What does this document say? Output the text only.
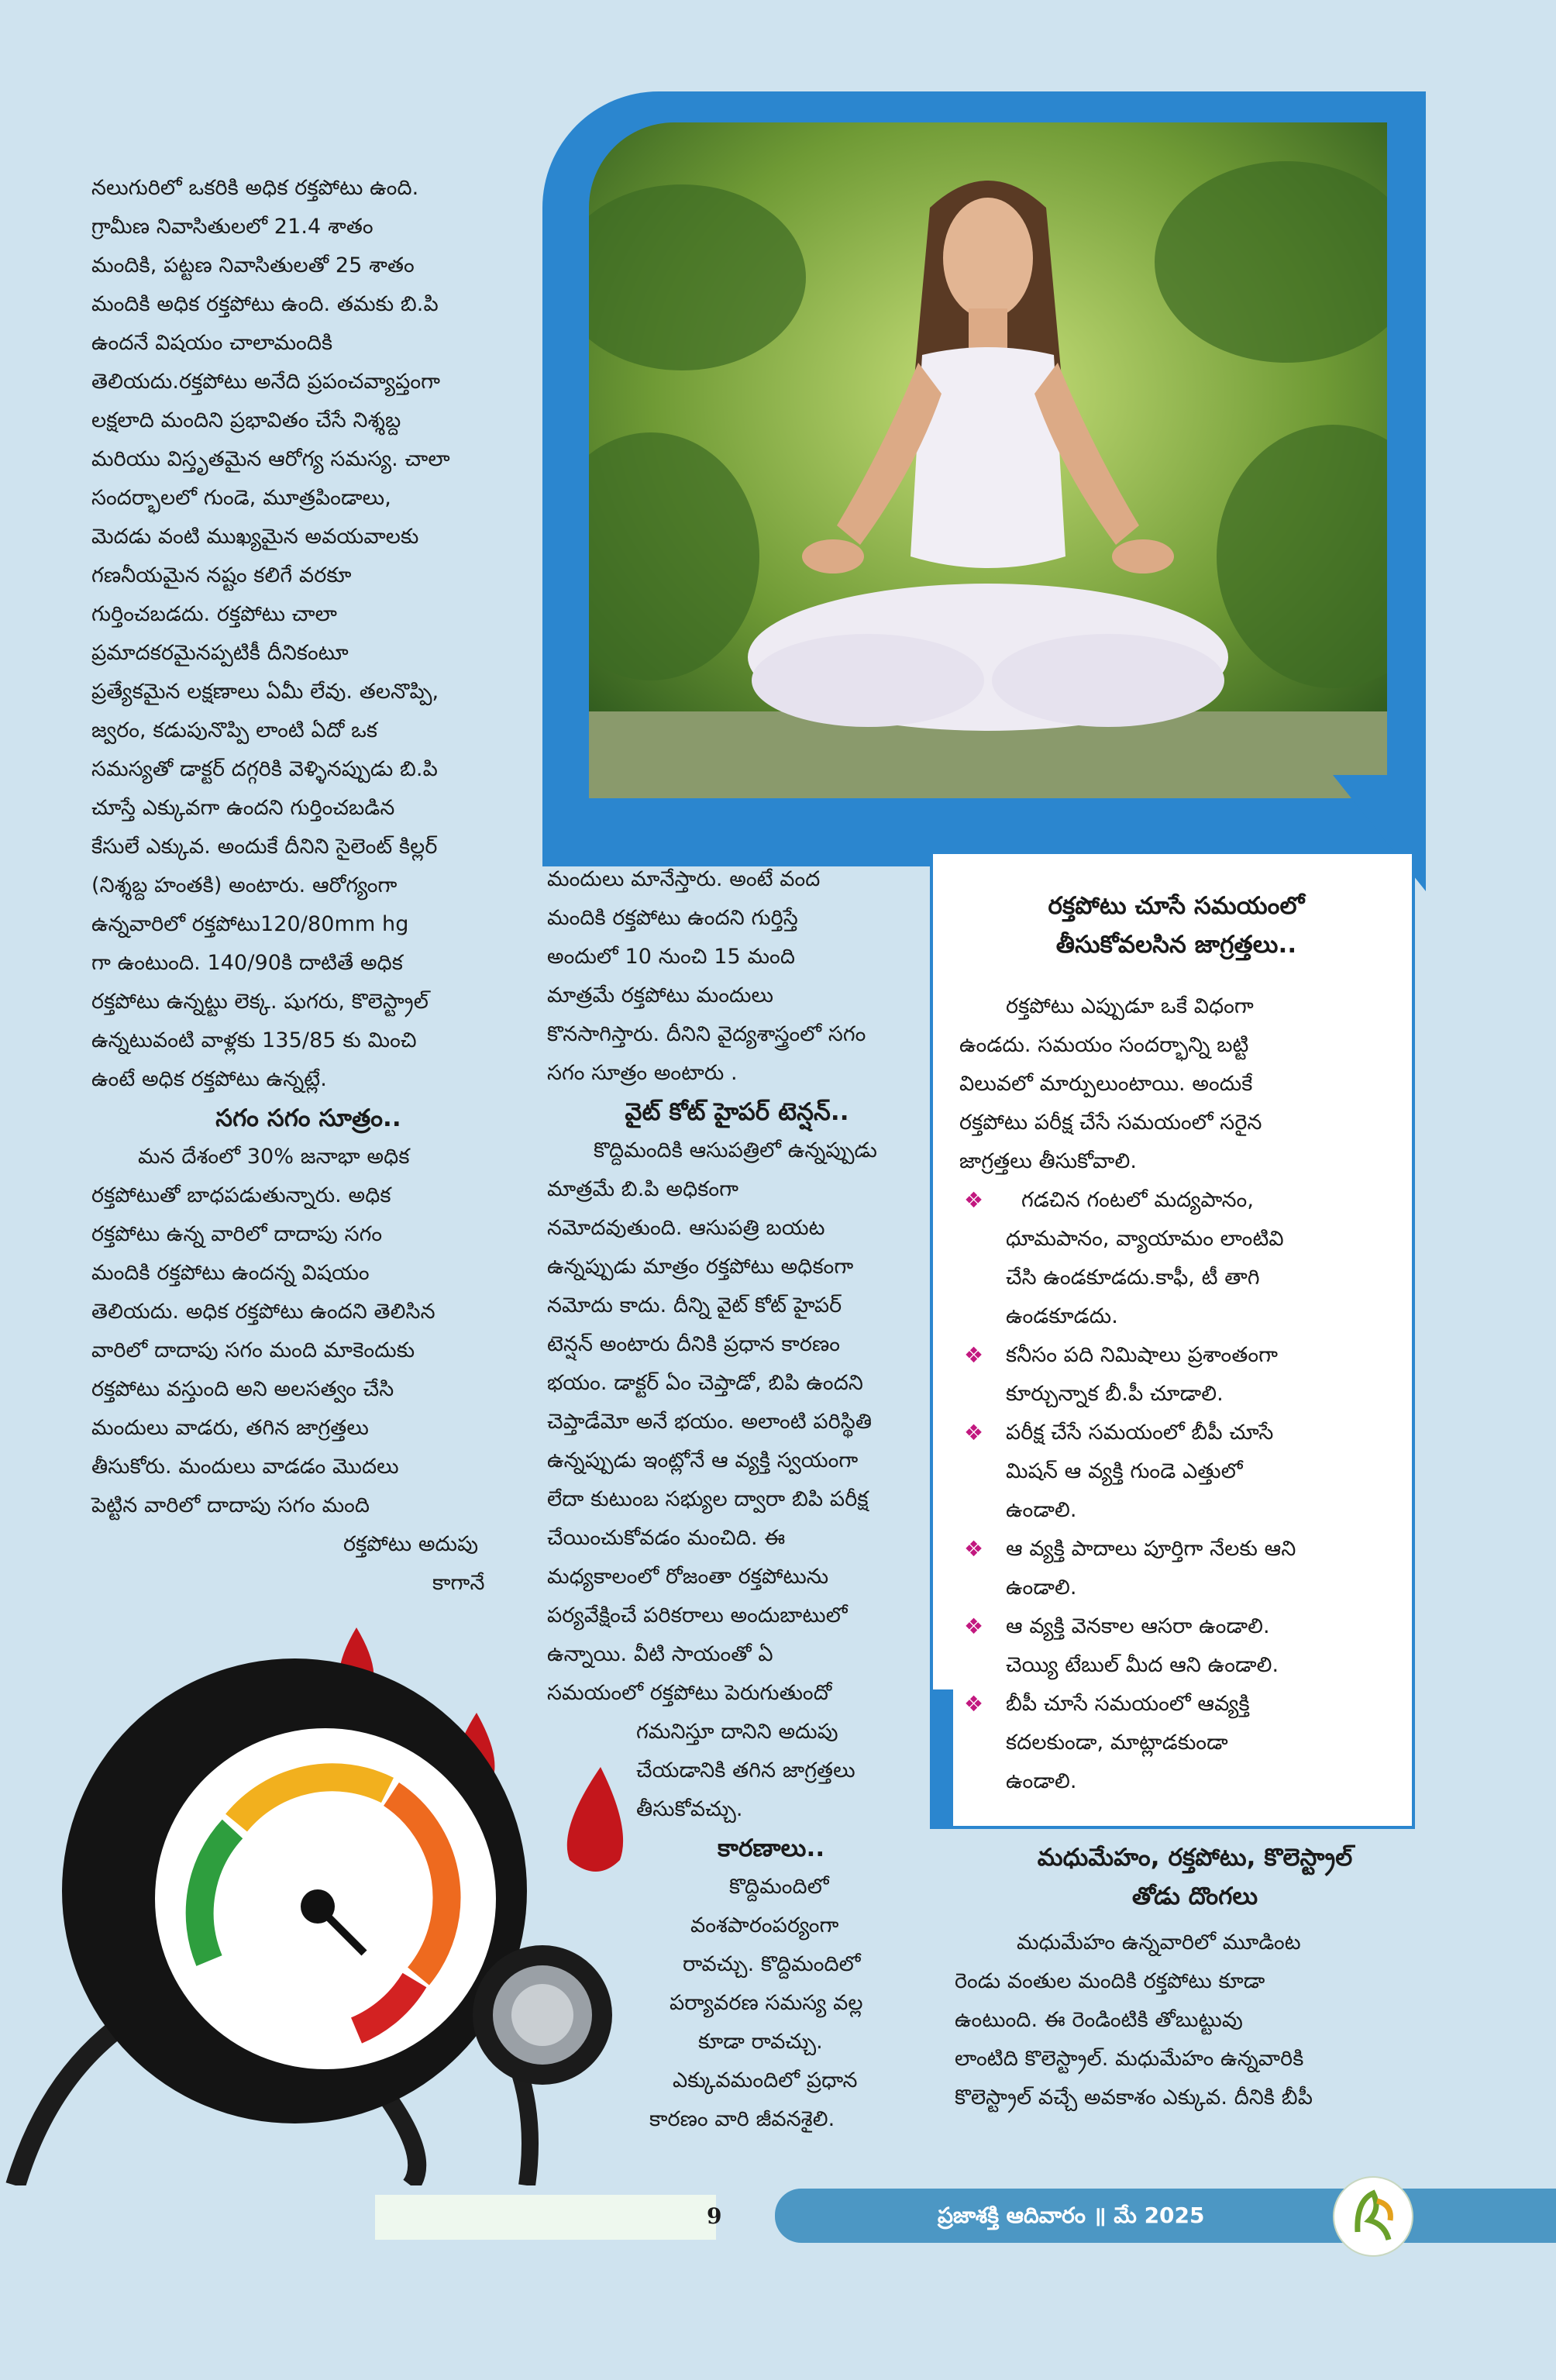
నలుగురిలో ఒకరికి అధిక రక్తపోటు ఉంది.
గ్రామీణ నివాసితులలో 21.4 శాతం
మందికి, పట్టణ నివాసితులతో 25 శాతం
మందికి అధిక రక్తపోటు ఉంది. తమకు బి.పి
ఉందనే విషయం చాలామందికి
తెలియదు.రక్తపోటు అనేది ప్రపంచవ్యాప్తంగా
లక్షలాది మందిని ప్రభావితం చేసే నిశ్శబ్ద
మరియు విస్తృతమైన ఆరోగ్య సమస్య. చాలా
సందర్భాలలో గుండె, మూత్రపిండాలు,
మెదడు వంటి ముఖ్యమైన అవయవాలకు
గణనీయమైన నష్టం కలిగే వరకూ
గుర్తించబడదు. రక్తపోటు చాలా
ప్రమాదకరమైనప్పటికీ దీనికంటూ
ప్రత్యేకమైన లక్షణాలు ఏమీ లేవు. తలనొప్పి,
జ్వరం, కడుపునొప్పి లాంటి ఏదో ఒక
సమస్యతో డాక్టర్ దగ్గరికి వెళ్ళినప్పుడు బి.పి
చూస్తే ఎక్కువగా ఉందని గుర్తించబడిన
కేసులే ఎక్కువ. అందుకే దీనిని సైలెంట్ కిల్లర్
(నిశ్శబ్ద హంతకి) అంటారు. ఆరోగ్యంగా
ఉన్నవారిలో రక్తపోటు120/80mm hg
గా ఉంటుంది. 140/90కి దాటితే అధిక
రక్తపోటు ఉన్నట్టు లెక్క. షుగరు, కొలెస్ట్రాల్
ఉన్నటువంటి వాళ్లకు 135/85 కు మించి
ఉంటే అధిక రక్తపోటు ఉన్నట్లే.

సగం సగం సూత్రం..

మన దేశంలో 30% జనాభా అధిక
రక్తపోటుతో బాధపడుతున్నారు. అధిక
రక్తపోటు ఉన్న వారిలో దాదాపు సగం
మందికి రక్తపోటు ఉందన్న విషయం
తెలియదు. అధిక రక్తపోటు ఉందని తెలిసిన
వారిలో దాదాపు సగం మంది మాకెందుకు
రక్తపోటు వస్తుంది అని అలసత్వం చేసి
మందులు వాడరు, తగిన జాగ్రత్తలు
తీసుకోరు. మందులు వాడడం మొదలు
పెట్టిన వారిలో దాదాపు సగం మంది
రక్తపోటు అదుపు
కాగానే

మందులు మానేస్తారు. అంటే వంద
మందికి రక్తపోటు ఉందని గుర్తిస్తే
అందులో 10 నుంచి 15 మంది
మాత్రమే రక్తపోటు మందులు
కొనసాగిస్తారు. దీనిని వైద్యశాస్త్రంలో సగం
సగం సూత్రం అంటారు .

వైట్ కోట్ హైపర్ టెన్షన్..

కొద్దిమందికి ఆసుపత్రిలో ఉన్నప్పుడు
మాత్రమే బి.పి అధికంగా
నమోదవుతుంది. ఆసుపత్రి బయట
ఉన్నప్పుడు మాత్రం రక్తపోటు అధికంగా
నమోదు కాదు. దీన్ని వైట్ కోట్ హైపర్
టెన్షన్ అంటారు దీనికి ప్రధాన కారణం
భయం. డాక్టర్ ఏం చెప్తాడో, బిపి ఉందని
చెప్తాడేమో అనే భయం. అలాంటి పరిస్థితి
ఉన్నప్పుడు ఇంట్లోనే ఆ వ్యక్తి స్వయంగా
లేదా కుటుంబ సభ్యుల ద్వారా బిపి పరీక్ష
చేయించుకోవడం మంచిది. ఈ
మధ్యకాలంలో రోజంతా రక్తపోటును
పర్యవేక్షించే పరికరాలు అందుబాటులో
ఉన్నాయి. వీటి సాయంతో ఏ
సమయంలో రక్తపోటు పెరుగుతుందో
గమనిస్తూ దానిని అదుపు
చేయడానికి తగిన జాగ్రత్తలు
తీసుకోవచ్చు.

కారణాలు..

కొద్దిమందిలో
వంశపారంపర్యంగా
రావచ్చు. కొద్దిమందిలో
పర్యావరణ సమస్య వల్ల
కూడా రావచ్చు.
ఎక్కువమందిలో ప్రధాన
కారణం వారి జీవనశైలి.

రక్తపోటు చూసే సమయంలో
తీసుకోవలసిన జాగ్రత్తలు..

రక్తపోటు ఎప్పుడూ ఒకే విధంగా
ఉండదు. సమయం సందర్భాన్ని బట్టి
విలువలో మార్పులుంటాయి. అందుకే
రక్తపోటు పరీక్ష చేసే సమయంలో సరైన
జాగ్రత్తలు తీసుకోవాలి.

❖	గడచిన గంటలో మద్యపానం,
ధూమపానం, వ్యాయామం లాంటివి
చేసి ఉండకూడదు.కాఫీ, టీ తాగి
ఉండకూడదు.
❖ కనీసం పది నిమిషాలు ప్రశాంతంగా
కూర్చున్నాక బీ.పీ చూడాలి.
❖ పరీక్ష చేసే సమయంలో బీపీ చూసే
మిషన్ ఆ వ్యక్తి గుండె ఎత్తులో
ఉండాలి.
❖ ఆ వ్యక్తి పాదాలు పూర్తిగా నేలకు ఆని
ఉండాలి.
❖ ఆ వ్యక్తి వెనకాల ఆసరా ఉండాలి.
చెయ్యి టేబుల్ మీద ఆని ఉండాలి.
❖ బీపీ చూసే సమయంలో ఆవ్యక్తి
కదలకుండా, మాట్లాడకుండా
ఉండాలి.
మధుమేహం, రక్తపోటు, కొలెస్ట్రాల్
తోడు దొంగలు

మధుమేహం ఉన్నవారిలో మూడింట
రెండు వంతుల మందికి రక్తపోటు కూడా
ఉంటుంది. ఈ రెండింటికి తోబుట్టువు
లాంటిది కొలెస్ట్రాల్. మధుమేహం ఉన్నవారికి
కొలెస్ట్రాల్ వచ్చే అవకాశం ఎక్కువ. దీనికి బీపీ

9	ప్రజాశక్తి ఆదివారం ॥ మే 2025
